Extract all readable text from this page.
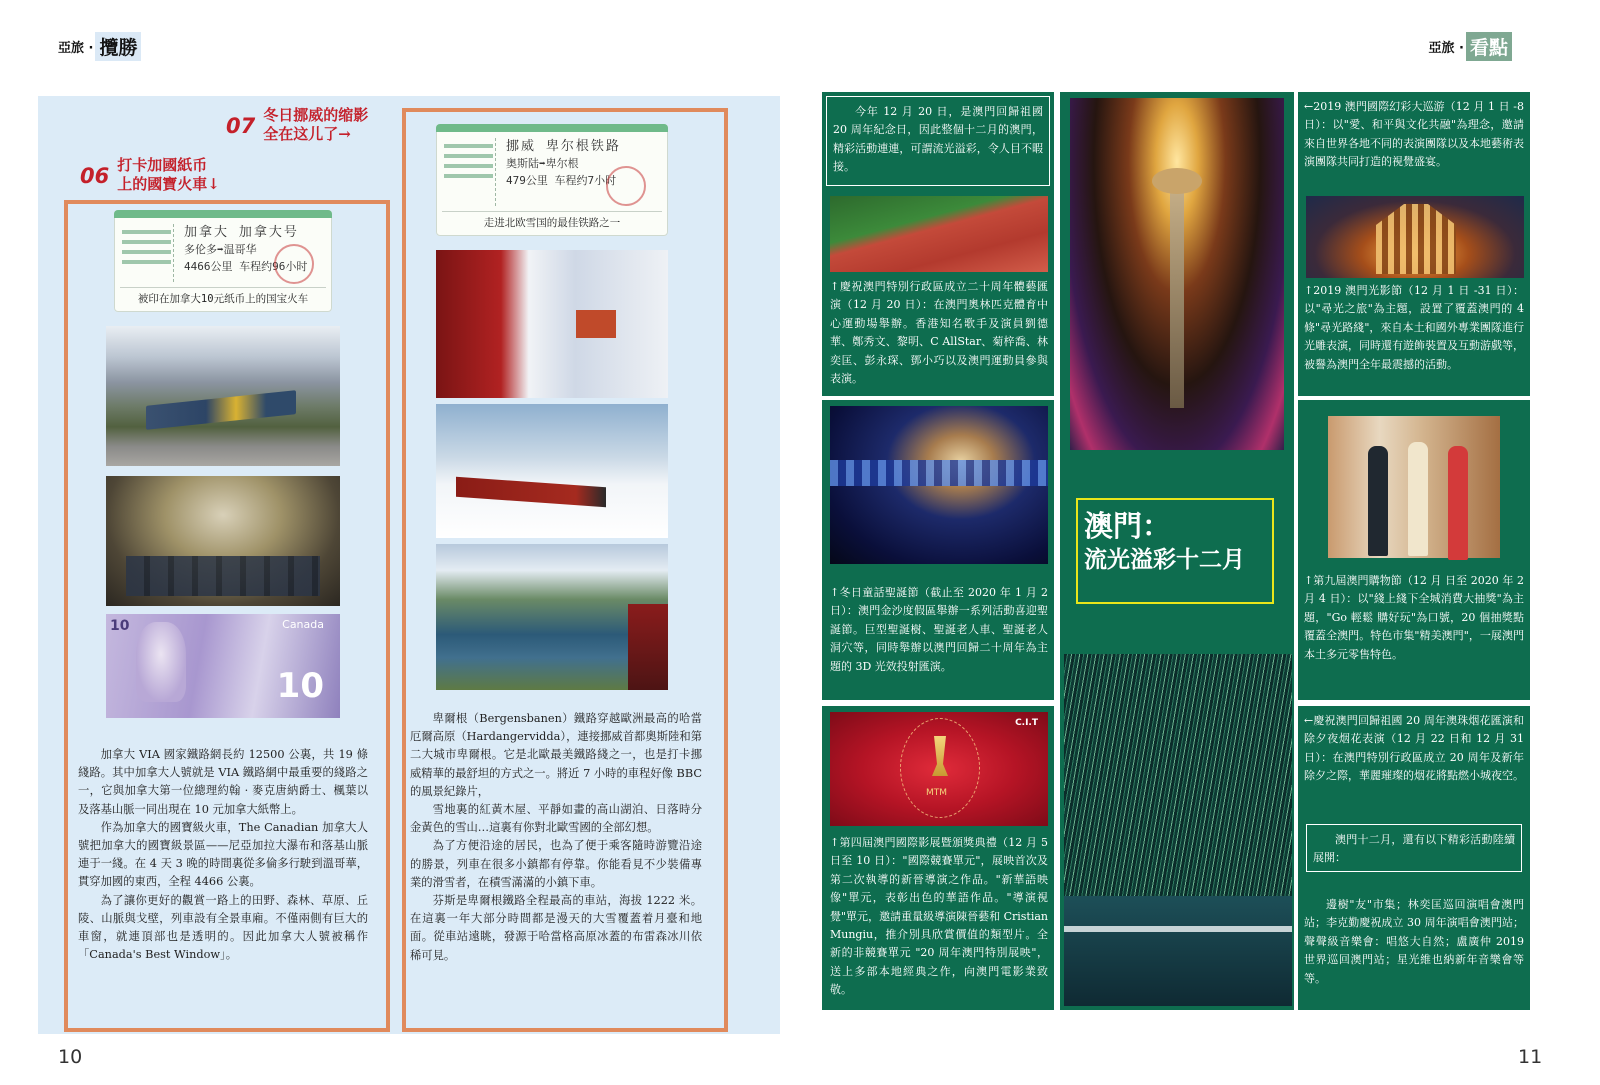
亞旅 · 攬勝	亞旅 · 看點
10	11
07 冬日挪威的缩影
全在这儿了→
06 打卡加國紙币
上的國寶火車↓
加拿大 加拿大号
多伦多➡温哥华
4466公里 车程约96小时
被印在加拿大10元纸币上的国宝火车
挪威 卑尔根铁路
奥斯陆➡卑尔根
479公里 车程约7小时
走进北欧雪国的最佳铁路之一
10	Canada
10

加拿大 VIA 國家鐵路網長約 12500 公裏，共 19 條綫路。其中加拿大人號就是 VIA 鐵路網中最重要的綫路之一，它與加拿大第一位總理約翰 · 麥克唐納爵士、楓葉以及落基山脈一同出現在 10 元加拿大紙幣上。

作為加拿大的國寶級火車，The Canadian 加拿大人號把加拿大的國寶級景區——尼亞加拉大瀑布和落基山脈連于一綫。在 4 天 3 晚的時間裏從多倫多行駛到溫哥華，貫穿加國的東西，全程 4466 公裏。

為了讓你更好的觀賞一路上的田野、森林、草原、丘陵、山脈與戈壁，列車設有全景車廂。不僅兩側有巨大的車窗，就連頂部也是透明的。因此加拿大人號被稱作「Canada's Best Window」。

卑爾根（Bergensbanen）鐵路穿越歐洲最高的哈當厄爾高原（Hardangervidda），連接挪威首都奧斯陸和第二大城市卑爾根。它是北歐最美鐵路綫之一，也是打卡挪威精華的最舒坦的方式之一。將近 7 小時的車程好像 BBC 的風景紀錄片，

雪地裏的紅黃木屋、平靜如畫的高山湖泊、日落時分金黃色的雪山…這裏有你對北歐雪國的全部幻想。

為了方便沿途的居民，也為了便于乘客隨時游覽沿途的勝景，列車在很多小鎮都有停靠。你能看見不少裝備專業的滑雪者，在積雪滿滿的小鎮下車。

芬斯是卑爾根鐵路全程最高的車站，海拔 1222 米。在這裏一年大部分時間都是漫天的大雪覆蓋着月臺和地面。從車站遠眺，發源于哈當格高原冰蓋的布雷森冰川依稀可見。

今年 12 月 20 日，是澳門回歸祖國 20 周年紀念日，因此整個十二月的澳門，精彩活動連連，可謂流光溢彩，令人目不暇接。
↑慶祝澳門特別行政區成立二十周年體藝匯演（12 月 20 日）：在澳門奧林匹克體育中心運動場舉辦。香港知名歌手及演員劉德華、鄭秀文、黎明、C AllStar、菊梓喬、林奕匡、彭永琛、鄧小巧以及澳門運動員參與表演。
↑冬日童話聖誕節（截止至 2020 年 1 月 2 日）：澳門金沙度假區舉辦一系列活動喜迎聖誕節。巨型聖誕樹、聖誕老人車、聖誕老人洞穴等，同時舉辦以澳門回歸二十周年為主題的 3D 光效投射匯演。
MTM
C.I.T
↑第四屆澳門國際影展暨頒獎典禮（12 月 5 日至 10 日）："國際競賽單元"，展映首次及第二次執導的新晉導演之作品。"新華語映像"單元，表彰出色的華語作品。"導演視覺"單元，邀請重量級導演陳晉藝和 Cristian Mungiu，推介別具欣賞價值的類型片。全新的非競賽單元 "20 周年澳門特別展映"，送上多部本地經典之作，向澳門電影業致敬。
澳門：
流光溢彩十二月
←2019 澳門國際幻彩大巡游（12 月 1 日 -8 日）：以"愛、和平與文化共融"為理念，邀請來自世界各地不同的表演團隊以及本地藝術表演團隊共同打造的視覺盛宴。
↑2019 澳門光影節（12 月 1 日 -31 日）：以"尋光之旅"為主題，設置了覆蓋澳門的 4 條"尋光路綫"，來自本土和國外專業團隊進行光雕表演，同時還有遊飾裝置及互動游戲等，被譽為澳門全年最震撼的活動。
↑第九屆澳門購物節（12 月 日至 2020 年 2 月 4 日）：以"綫上綫下全城消費大抽獎"為主題，"Go 輕鬆 購好玩"為口號，20 個抽獎點覆蓋全澳門。特色市集"精美澳門"，一展澳門本土多元零售特色。
←慶祝澳門回歸祖國 20 周年澳珠烟花匯演和除夕夜烟花表演（12 月 22 日和 12 月 31 日）：在澳門特別行政區成立 20 周年及新年除夕之際，華麗璀璨的烟花將點燃小城夜空。
澳門十二月，還有以下精彩活動陸續展開：
邊樹"友"市集；林奕匡巡回演唱會澳門站；李克勤慶祝成立 30 周年演唱會澳門站；聲聲級音樂會：唱悠大自然；盧廣仲 2019 世界巡回澳門站；星光維也納新年音樂會等等。
